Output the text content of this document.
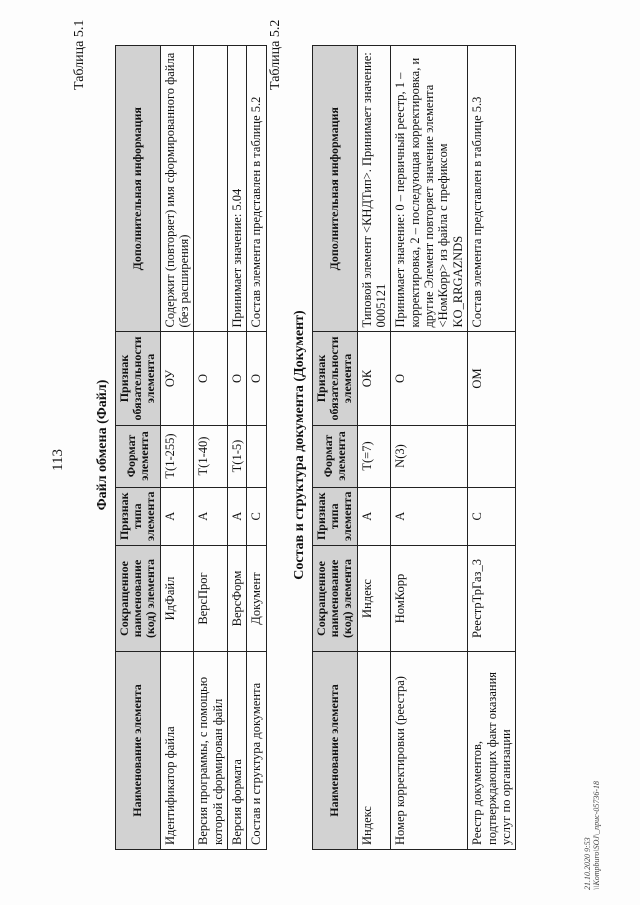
113
Таблица 5.1
Файл обмена (Файл)
Наименование элемента	Сокращенное наименование (код) элемента	Признак типа элемента	Формат элемента	Признак обязательности элемента	Дополнительная информация
Идентификатор файла	ИдФайл	А	T(1-255)	ОУ	Содержит (повторяет) имя сформированного файла (без расширения)
Версия программы, с помощью которой сформирован файл	ВерсПрог	А	T(1-40)	О	
Версия формата	ВерсФорм	А	T(1-5)	О	Принимает значение: 5.04
Состав и структура документа	Документ	С		О	Состав элемента представлен в таблице 5.2
Таблица 5.2
Состав и структура документа (Документ)
Наименование элемента	Сокращенное наименование (код) элемента	Признак типа элемента	Формат элемента	Признак обязательности элемента	Дополнительная информация
Индекс	Индекс	А	T(=7)	ОК	Типовой элемент <КНДТип>. Принимает значение: 0005121
Номер корректировки (реестра)	НомКорр	А	N(3)	О	Принимает значение: 0 – первичный реестр, 1 – корректировка, 2 – последующая корректировка, и другие Элемент повторяет значение элемента <НомКорр> из файла с префиксом KO_RRGAZNDS
Реестр документов, подтверждающих факт оказания услуг по организации	РеестрТрГаз_3	С		ОМ	Состав элемента представлен в таблице 5.3
21.10.2020 9:53 \\Kompburo\SOJ\_npuc-05736-18
